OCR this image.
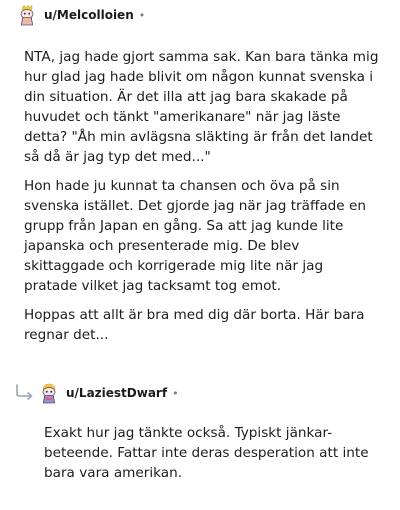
u/Melcolloien •

NTA, jag hade gjort samma sak. Kan bara tänka mig hur glad jag hade blivit om någon kunnat svenska i din situation. Är det illa att jag bara skakade på huvudet och tänkt "amerikanare" när jag läste detta? "Åh min avlägsna släkting är från det landet så då är jag typ det med..."

Hon hade ju kunnat ta chansen och öva på sin svenska istället. Det gjorde jag när jag träffade en grupp från Japan en gång. Sa att jag kunde lite japanska och presenterade mig. De blev skittaggade och korrigerade mig lite när jag pratade vilket jag tacksamt tog emot.

Hoppas att allt är bra med dig där borta. Här bara regnar det...

u/LaziestDwarf •

Exakt hur jag tänkte också. Typiskt jänkar-beteende. Fattar inte deras desperation att inte bara vara amerikan.
